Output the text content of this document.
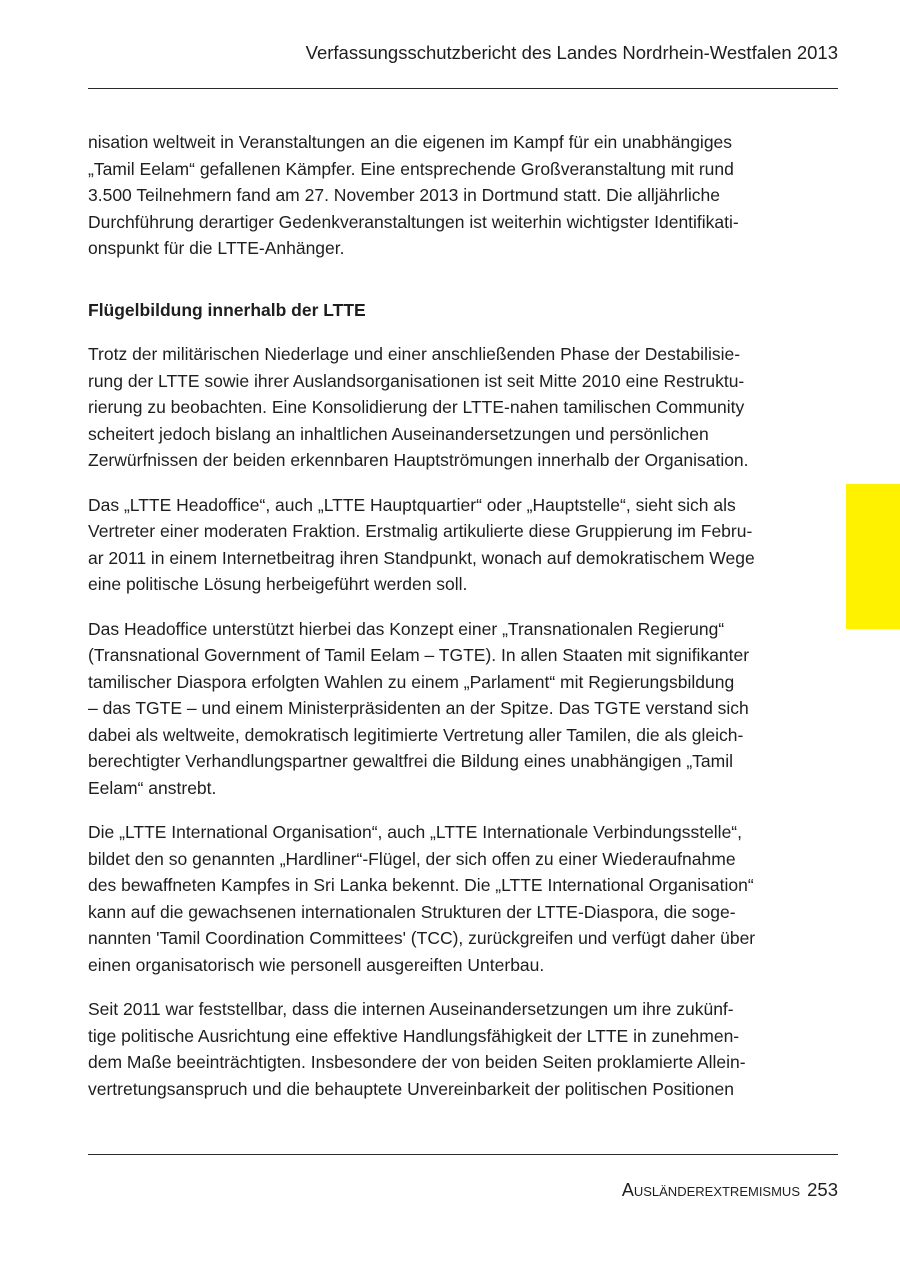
Verfassungsschutzbericht des Landes Nordrhein-Westfalen 2013
nisation weltweit in Veranstaltungen an die eigenen im Kampf für ein unabhängiges
„Tamil Eelam“ gefallenen Kämpfer. Eine entsprechende Großveranstaltung mit rund
3.500 Teilnehmern fand am 27. November 2013 in Dortmund statt. Die alljährliche
Durchführung derartiger Gedenkveranstaltungen ist weiterhin wichtigster Identifikati-
onspunkt für die LTTE-Anhänger.
Flügelbildung innerhalb der LTTE
Trotz der militärischen Niederlage und einer anschließenden Phase der Destabilisie-
rung der LTTE sowie ihrer Auslandsorganisationen ist seit Mitte 2010 eine Restruktu-
rierung zu beobachten. Eine Konsolidierung der LTTE-nahen tamilischen Community
scheitert jedoch bislang an inhaltlichen Auseinandersetzungen und persönlichen
Zerwürfnissen der beiden erkennbaren Hauptströmungen innerhalb der Organisation.
Das „LTTE Headoffice“, auch „LTTE Hauptquartier“ oder „Hauptstelle“, sieht sich als
Vertreter einer moderaten Fraktion. Erstmalig artikulierte diese Gruppierung im Febru-
ar 2011 in einem Internetbeitrag ihren Standpunkt, wonach auf demokratischem Wege
eine politische Lösung herbeigeführt werden soll.
Das Headoffice unterstützt hierbei das Konzept einer „Transnationalen Regierung“
(Transnational Government of Tamil Eelam – TGTE). In allen Staaten mit signifikanter
tamilischer Diaspora erfolgten Wahlen zu einem „Parlament“ mit Regierungsbildung
– das TGTE – und einem Ministerpräsidenten an der Spitze. Das TGTE verstand sich
dabei als weltweite, demokratisch legitimierte Vertretung aller Tamilen, die als gleich-
berechtigter Verhandlungspartner gewaltfrei die Bildung eines unabhängigen „Tamil
Eelam“ anstrebt.
Die „LTTE International Organisation“, auch „LTTE Internationale Verbindungsstelle“,
bildet den so genannten „Hardliner“-Flügel, der sich offen zu einer Wiederaufnahme
des bewaffneten Kampfes in Sri Lanka bekennt. Die „LTTE International Organisation“
kann auf die gewachsenen internationalen Strukturen der LTTE-Diaspora, die soge-
nannten 'Tamil Coordination Committees' (TCC), zurückgreifen und verfügt daher über
einen organisatorisch wie personell ausgereiften Unterbau.
Seit 2011 war feststellbar, dass die internen Auseinandersetzungen um ihre zukünf-
tige politische Ausrichtung eine effektive Handlungsfähigkeit der LTTE in zunehmen-
dem Maße beeinträchtigten. Insbesondere der von beiden Seiten proklamierte Allein-
vertretungsanspruch und die behauptete Unvereinbarkeit der politischen Positionen
Ausländerextremismus 253
